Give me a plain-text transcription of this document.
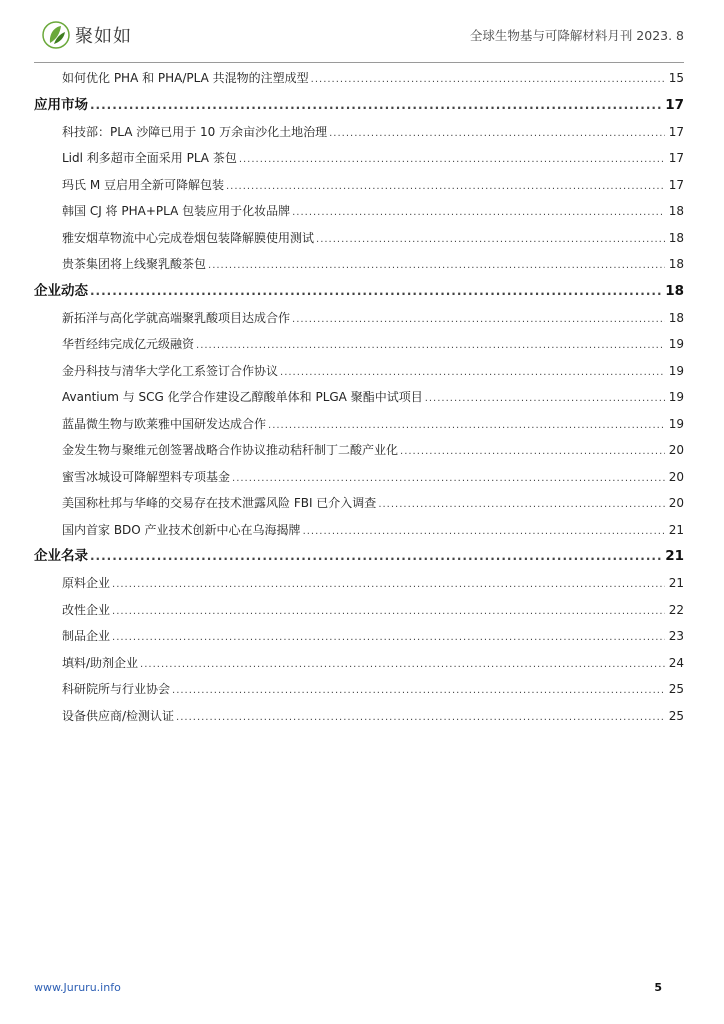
聚如如	全球生物基与可降解材料月刊 2023. 8
如何优化 PHA 和 PHA/PLA 共混物的注塑成型 .....	15
应用市场 .....	17
科技部：PLA 沙障已用于 10 万余亩沙化土地治理 .....	17
Lidl 利多超市全面采用 PLA 茶包 .....	17
玛氏 M 豆启用全新可降解包装 .....	17
韩国 CJ 将 PHA+PLA 包装应用于化妆品牌 .....	18
雅安烟草物流中心完成卷烟包装降解膜使用测试 .....	18
贵茶集团将上线聚乳酸茶包 .....	18
企业动态 .....	18
新拓洋与高化学就高端聚乳酸项目达成合作 .....	18
华哲经纬完成亿元级融资 .....	19
金丹科技与清华大学化工系签订合作协议 .....	19
Avantium 与 SCG 化学合作建设乙醇酸单体和 PLGA 聚酯中试项目 .....	19
蓝晶微生物与欧莱雅中国研发达成合作 .....	19
金发生物与聚维元创签署战略合作协议推动秸秆制丁二酸产业化 .....	20
蜜雪冰城设可降解塑料专项基金 .....	20
美国称杜邦与华峰的交易存在技术泄露风险 FBI 已介入调查 .....	20
国内首家 BDO 产业技术创新中心在乌海揭牌 .....	21
企业名录 .....	21
原料企业 .....	21
改性企业 .....	22
制品企业 .....	23
填料/助剂企业 .....	24
科研院所与行业协会 .....	25
设备供应商/检测认证 .....	25
www.Jururu.info	5
